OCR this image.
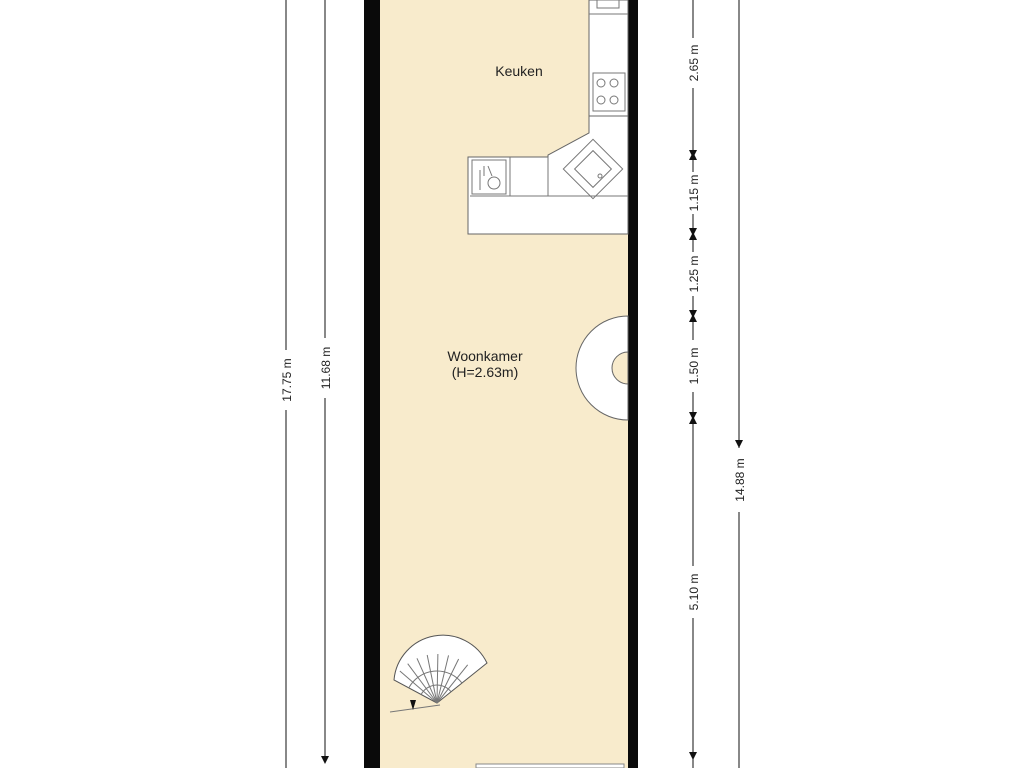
Keuken
Woonkamer
(H=2.63m)
17.75 m 11.68 m
2.65 m
1.15 m
1.25 m
1.50 m
5.10 m
14.88 m
